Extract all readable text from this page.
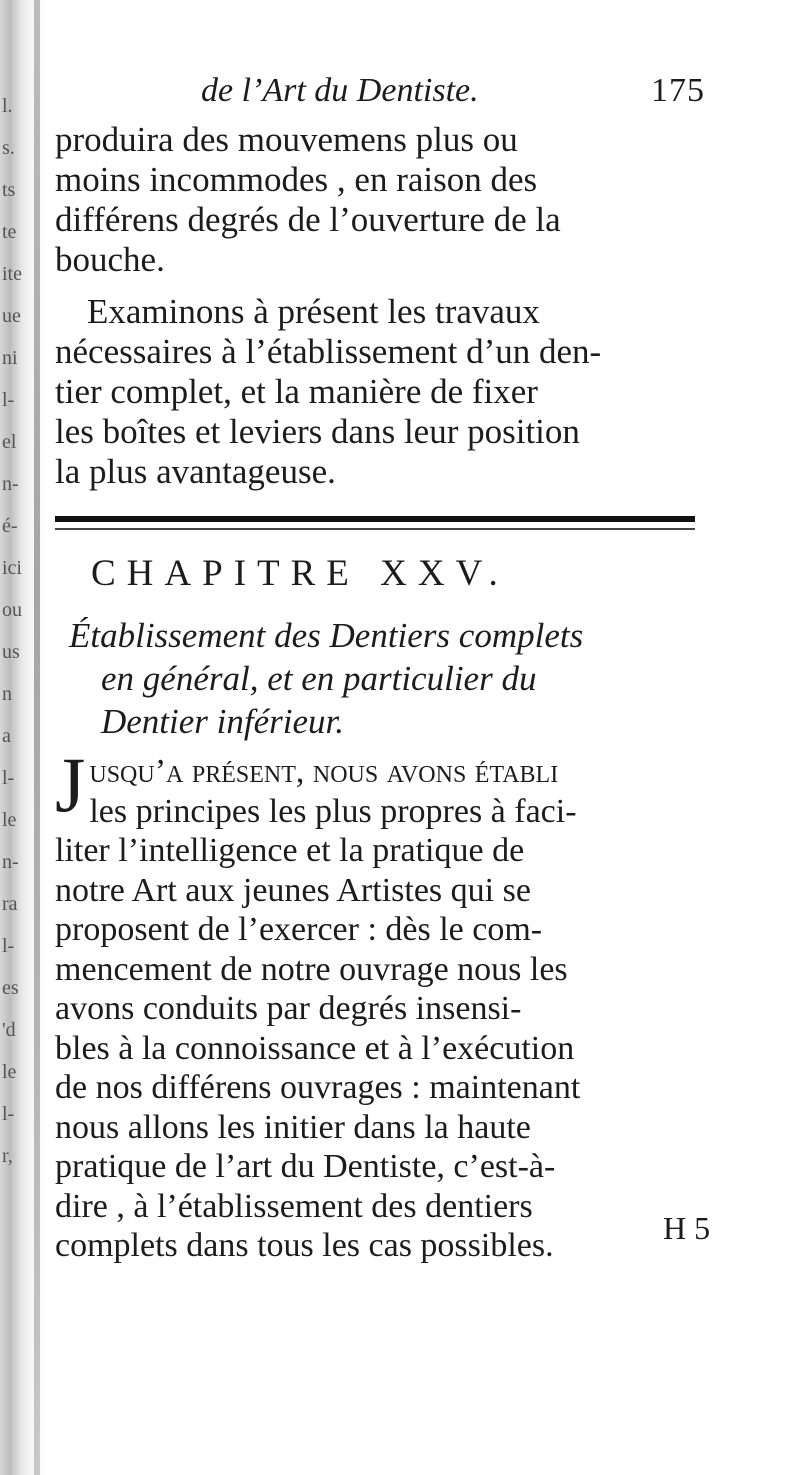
l.
s.
ts
te
ite
ue
ni
l-
el
n-
é-
ici
ou
us
n
a
l-
le
n-
ra
l-
es
'd
le
l-
r,
de l’Art du Dentiste.	175
produira des mouvemens plus ou
moins incommodes , en raison des
différens degrés de l’ouverture de la
bouche.
Examinons à présent les travaux
nécessaires à l’établissement d’un den-
tier complet, et la manière de fixer
les boîtes et leviers dans leur position
la plus avantageuse.
CHAPITRE XXV.
Établissement des Dentiers complets
en général, et en particulier du
Dentier inférieur.
J usqu’a présent, nous avons établi
les principes les plus propres à faci-
liter l’intelligence et la pratique de
notre Art aux jeunes Artistes qui se
proposent de l’exercer : dès le com-
mencement de notre ouvrage nous les
avons conduits par degrés insensi-
bles à la connoissance et à l’exécution
de nos différens ouvrages : maintenant
nous allons les initier dans la haute
pratique de l’art du Dentiste, c’est-à-
dire , à l’établissement des dentiers
complets dans tous les cas possibles.	H 5
